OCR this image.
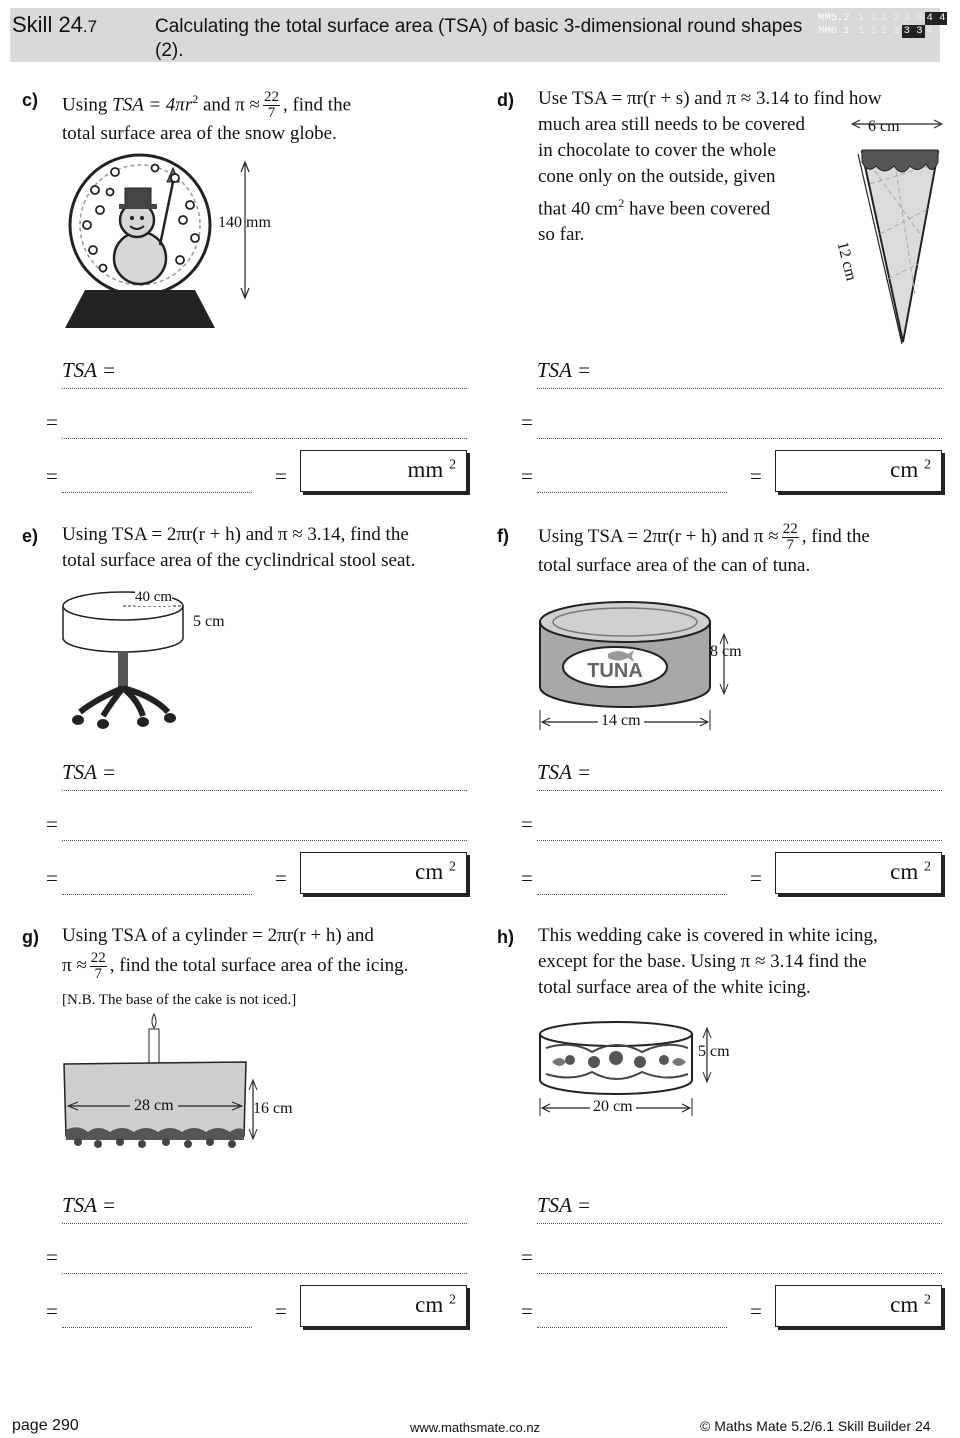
Skill 24.7	Calculating the total surface area (TSA) of basic 3-dimensional round shapes (2).
MM5.2 1 1 2 2 3 3 4 4
MM6.1 1 1 2 2 3 3 4 4
c) Using TSA = $4\pi r^2$ and $\pi \approx \frac{22}{7}$ , find the
total surface area of the snow globe.
140 mm
d) Use TSA = πr(r + s) and π ≈ 3.14 to find how
much area still needs to be covered
in chocolate to cover the whole
cone only on the outside, given
that 40 $cm^2$ have been covered
so far.
6 cm
12 cm
e) Using TSA = 2πr(r + h) and π ≈ 3.14, find the
total surface area of the cyclindrical stool seat.
40 cm
5 cm
f) Using TSA = 2πr(r + h) and $\pi \approx \frac{22}{7}$ , find the
total surface area of the can of tuna.
TUNA
8 cm
14 cm
g) Using TSA of a cylinder = 2πr(r + h) and
$\pi \approx \frac{22}{7}$ , find the total surface area of the icing.
[N.B. The base of the cake is not iced.]
28 cm	16 cm
h) This wedding cake is covered in white icing,
except for the base. Using π ≈ 3.14 find the
total surface area of the white icing.
5 cm
20 cm
TSA =
=
=	=	mm $^2$
TSA =
=
=	=	cm $^2$
TSA =
=
=	=	cm $^2$
TSA =
=
=	=	cm $^2$
TSA =
=
=	=	cm $^2$
TSA =
=
=	=	cm $^2$
page 290	www.mathsmate.co.nz	© Maths Mate 5.2/6.1 Skill Builder 24
